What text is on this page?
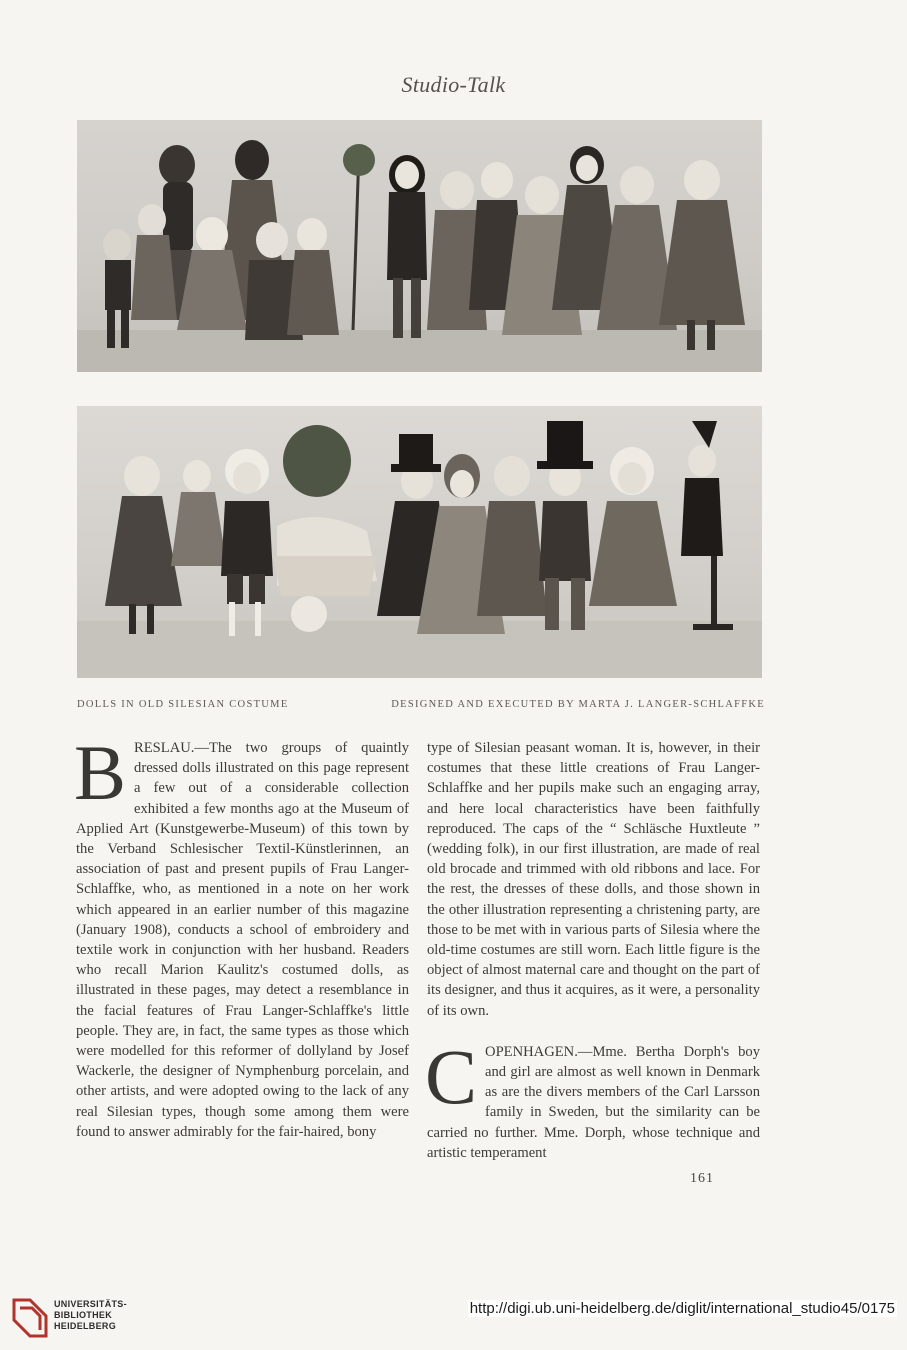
Studio-Talk
DOLLS IN OLD SILESIAN COSTUME	DESIGNED AND EXECUTED BY MARTA J. LANGER-SCHLAFFKE

BRESLAU.—The two groups of quaintly dressed dolls illustrated on this page represent a few out of a considerable collection exhibited a few months ago at the Museum of Applied Art (Kunstgewerbe-Museum) of this town by the Verband Schlesischer Textil-Künstlerinnen, an association of past and present pupils of Frau Langer-Schlaffke, who, as mentioned in a note on her work which appeared in an earlier number of this magazine (January 1908), conducts a school of embroidery and textile work in conjunction with her husband. Readers who recall Marion Kaulitz's costumed dolls, as illustrated in these pages, may detect a resemblance in the facial features of Frau Langer-Schlaffke's little people. They are, in fact, the same types as those which were modelled for this reformer of dollyland by Josef Wackerle, the designer of Nymphenburg porcelain, and other artists, and were adopted owing to the lack of any real Silesian types, though some among them were found to answer admirably for the fair-haired, bony

type of Silesian peasant woman. It is, however, in their costumes that these little creations of Frau Langer-Schlaffke and her pupils make such an engaging array, and here local characteristics have been faithfully reproduced. The caps of the “ Schläsche Huxtleute ” (wedding folk), in our first illustration, are made of real old brocade and trimmed with old ribbons and lace. For the rest, the dresses of these dolls, and those shown in the other illustration representing a christening party, are those to be met with in various parts of Silesia where the old-time costumes are still worn. Each little figure is the object of almost maternal care and thought on the part of its designer, and thus it acquires, as it were, a personality of its own.

COPENHAGEN.—Mme. Bertha Dorph's boy and girl are almost as well known in Denmark as are the divers members of the Carl Larsson family in Sweden, but the similarity can be carried no further. Mme. Dorph, whose technique and artistic temperament

161
UNIVERSITÄTS-
BIBLIOTHEK
HEIDELBERG
http://digi.ub.uni-heidelberg.de/diglit/international_studio45/0175
